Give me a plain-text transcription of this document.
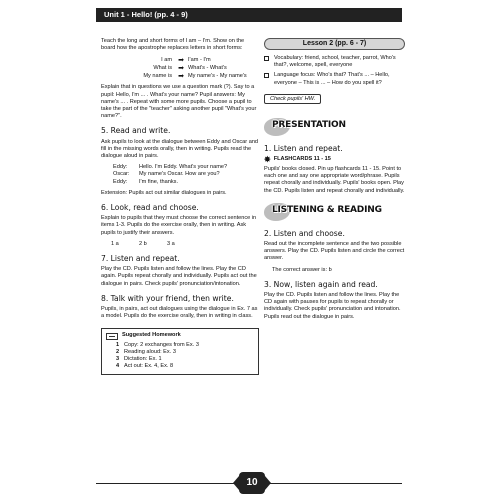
Unit 1 - Hello! (pp. 4 - 9)

Teach the long and short forms of I am – I'm. Show on the board how the apostrophe replaces letters in short forms:

I am ➡ I'am - I'm
What is ➡ What's - What's
My name is ➡ My name's - My name's

Explain that in questions we use a question mark (?). Say to a pupil: Hello, I'm ... . What's your name? Pupil answers: My name's ... . Repeat with some more pupils. Choose a pupil to take the part of the "teacher" asking another pupil "What's your name?".

5. Read and write.

Ask pupils to look at the dialogue between Eddy and Oscar and fill in the missing words orally, then in writing. Pupils read the dialogue aloud in pairs.

Eddy: Hello. I'm Eddy. What's your name?
Oscar: My name's Oscar. How are you?
Eddy: I'm fine, thanks.

Extension: Pupils act out similar dialogues in pairs.

6. Look, read and choose.

Explain to pupils that they must choose the correct sentence in items 1-3. Pupils do the exercise orally, then in writing. Ask pupils to justify their answers.

1 a	2 b	3 a
7. Listen and repeat.

Play the CD. Pupils listen and follow the lines. Play the CD again. Pupils repeat chorally and individually. Pupils act out the dialogue in pairs. Check pupils' pronunciation/intonation.

8. Talk with your friend, then write.

Pupils, in pairs, act out dialogues using the dialogue in Ex. 7 as a model. Pupils do the exercise orally, then in writing in class.

Suggested Homework
1 Copy: 2 exchanges from Ex. 3
2 Reading aloud: Ex. 3
3 Dictation: Ex. 1
4 Act out: Ex. 4, Ex. 8
Lesson 2 (pp. 6 - 7)
Vocabulary: friend, school, teacher, parrot, Who's that?, welcome, spell, everyone
Language focus: Who's that? That's ... – Hello, everyone – This is ... – How do you spell it?
Check pupils' HW.
PRESENTATION
1. Listen and repeat.
✸ FLASHCARDS 11 - 15

Pupils' books closed. Pin up flashcards 11 - 15. Point to each one and say one appropriate word/phrase. Pupils repeat chorally and individually. Pupils' books open. Play the CD. Pupils listen and repeat chorally and individually.

LISTENING & READING
2. Listen and choose.

Read out the incomplete sentence and the two possible answers. Play the CD. Pupils listen and circle the correct answer.

The correct answer is: b

3. Now, listen again and read.

Play the CD. Pupils listen and follow the lines. Play the CD again with pauses for pupils to repeat chorally or individually. Check pupils' pronunciation and intonation. Pupils read out the dialogue in pairs.

10
